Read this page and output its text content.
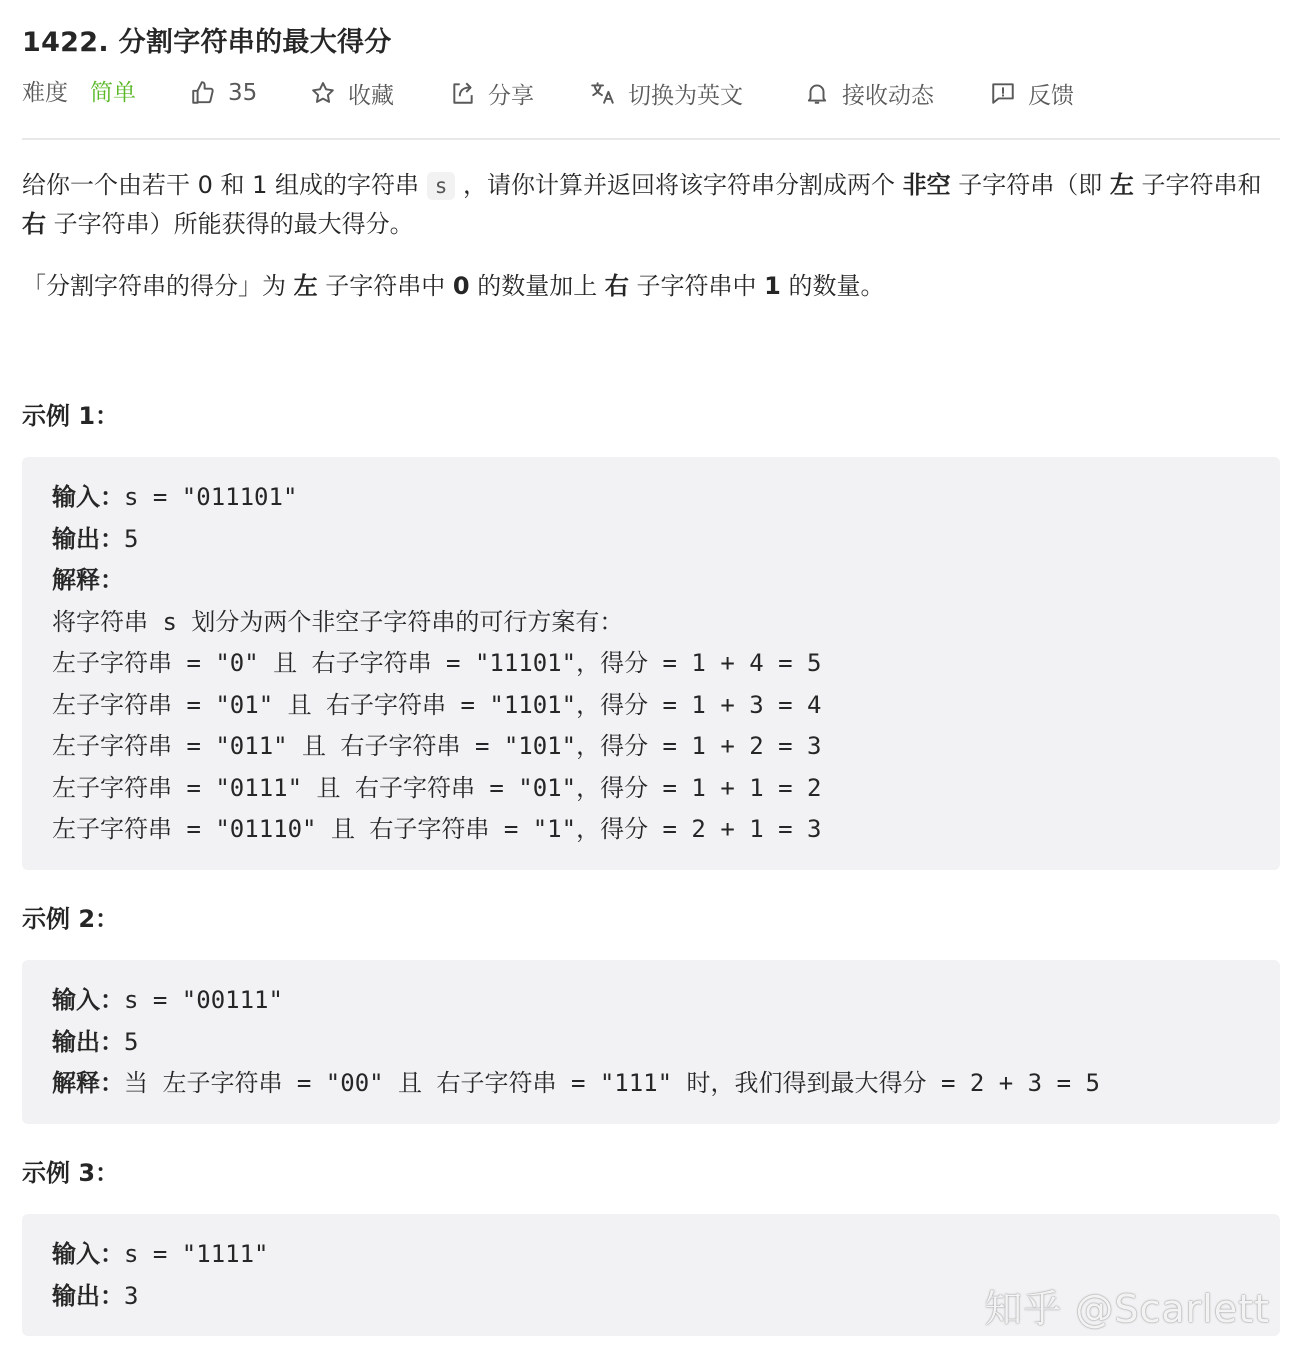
1422. 分割字符串的最大得分
难度 简单	35	收藏	分享	切换为英文	接收动态	反馈
给你一个由若干 0 和 1 组成的字符串 s ，请你计算并返回将该字符串分割成两个 非空 子字符串（即 左 子字符串和 右 子字符串）所能获得的最大得分。
「分割字符串的得分」为 左 子字符串中 0 的数量加上 右 子字符串中 1 的数量。
示例 1：
输入：s = "011101"
输出：5
解释：
将字符串 s 划分为两个非空子字符串的可行方案有：
左子字符串 = "0" 且 右子字符串 = "11101"，得分 = 1 + 4 = 5
左子字符串 = "01" 且 右子字符串 = "1101"，得分 = 1 + 3 = 4
左子字符串 = "011" 且 右子字符串 = "101"，得分 = 1 + 2 = 3
左子字符串 = "0111" 且 右子字符串 = "01"，得分 = 1 + 1 = 2
左子字符串 = "01110" 且 右子字符串 = "1"，得分 = 2 + 1 = 3
示例 2：
输入：s = "00111"
输出：5
解释：当 左子字符串 = "00" 且 右子字符串 = "111" 时，我们得到最大得分 = 2 + 3 = 5
示例 3：
输入：s = "1111"
输出：3	知乎 @Scarlett
